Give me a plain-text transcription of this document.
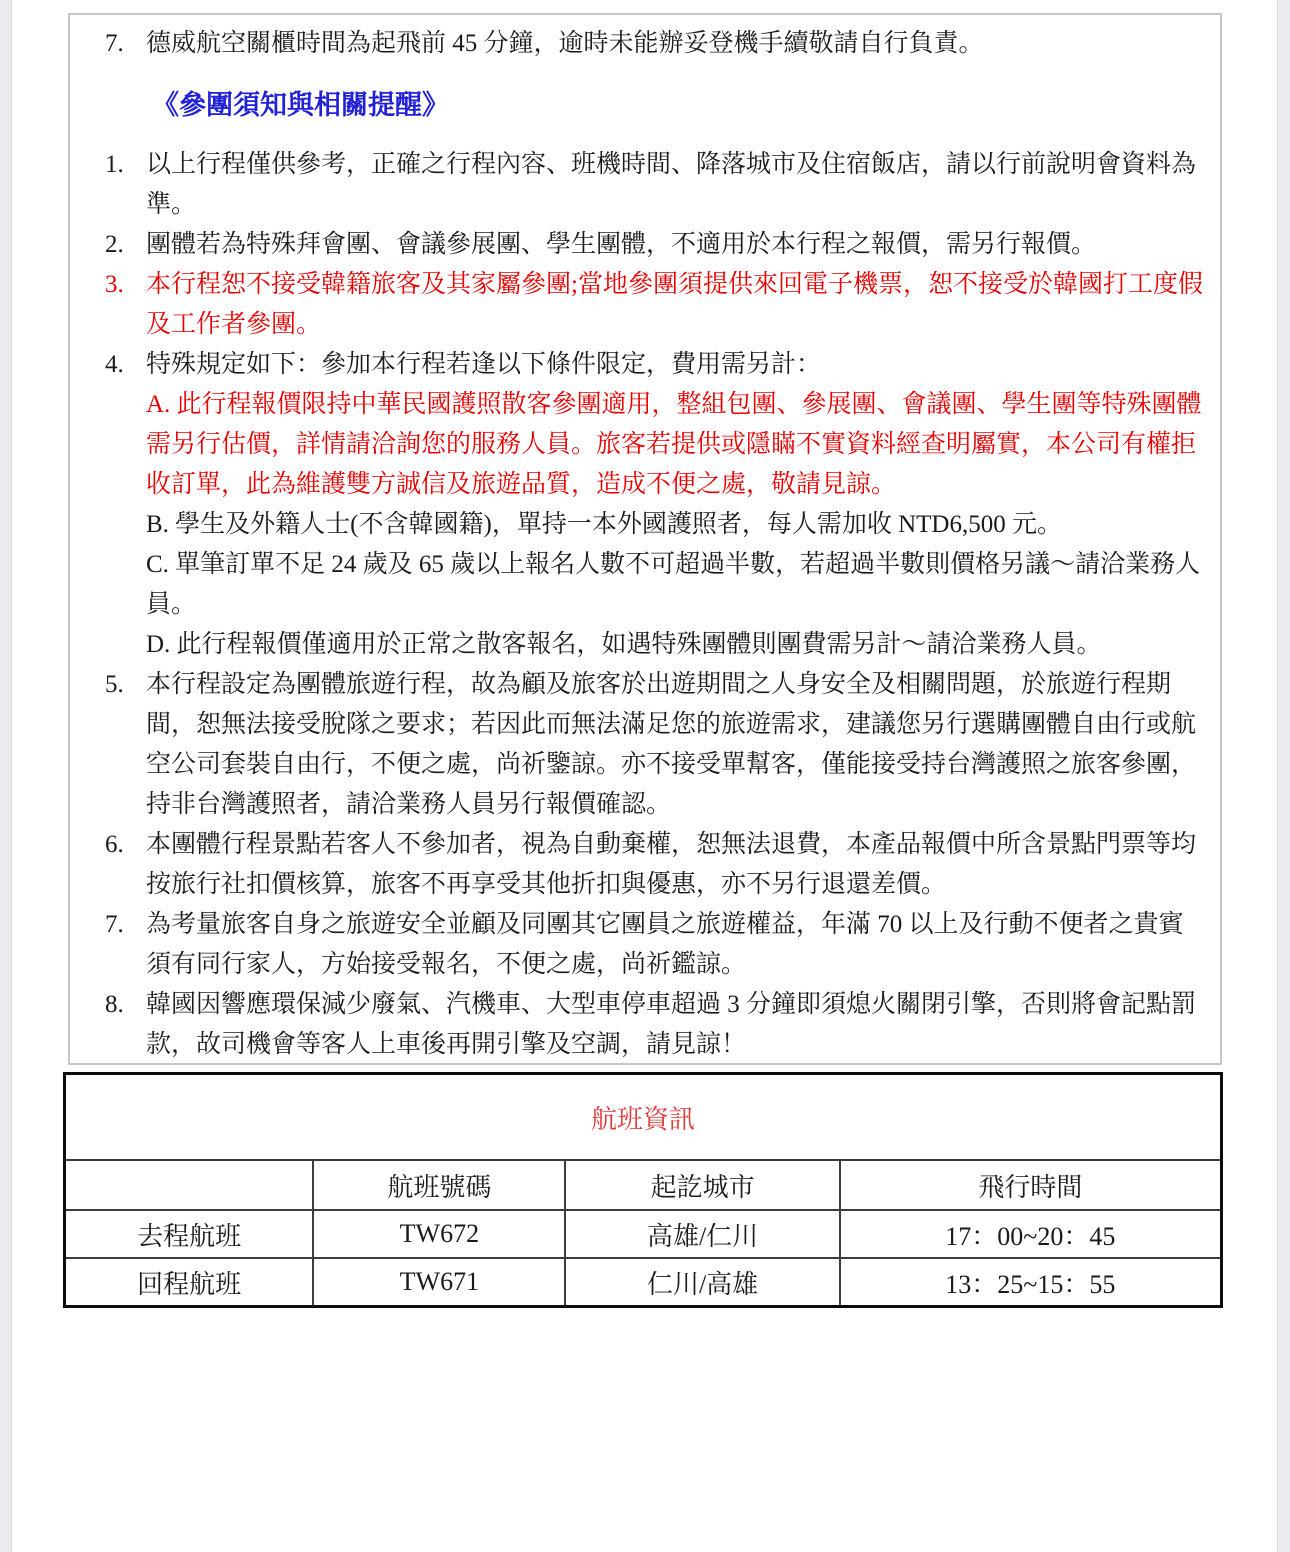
7. 德威航空關櫃時間為起飛前 45 分鐘，逾時未能辦妥登機手續敬請自行負責。
《參團須知與相關提醒》
1. 以上行程僅供參考，正確之行程內容、班機時間、降落城市及住宿飯店，請以行前說明會資料為準。
2. 團體若為特殊拜會團、會議參展團、學生團體，不適用於本行程之報價，需另行報價。
3. 本行程恕不接受韓籍旅客及其家屬參團;當地參團須提供來回電子機票，恕不接受於韓國打工度假及工作者參團。
4. 特殊規定如下：參加本行程若逢以下條件限定，費用需另計：
A. 此行程報價限持中華民國護照散客參團適用，整組包團、參展團、會議團、學生團等特殊團體需另行估價，詳情請洽詢您的服務人員。旅客若提供或隱瞞不實資料經查明屬實，本公司有權拒收訂單，此為維護雙方誠信及旅遊品質，造成不便之處，敬請見諒。
B. 學生及外籍人士(不含韓國籍)，單持一本外國護照者，每人需加收 NTD6,500 元。
C. 單筆訂單不足 24 歲及 65 歲以上報名人數不可超過半數，若超過半數則價格另議～請洽業務人員。
D. 此行程報價僅適用於正常之散客報名，如遇特殊團體則團費需另計～請洽業務人員。
5. 本行程設定為團體旅遊行程，故為顧及旅客於出遊期間之人身安全及相關問題，於旅遊行程期間，恕無法接受脫隊之要求；若因此而無法滿足您的旅遊需求，建議您另行選購團體自由行或航空公司套裝自由行，不便之處，尚祈鑒諒。亦不接受單幫客，僅能接受持台灣護照之旅客參團，持非台灣護照者，請洽業務人員另行報價確認。
6. 本團體行程景點若客人不參加者，視為自動棄權，恕無法退費，本產品報價中所含景點門票等均按旅行社扣價核算，旅客不再享受其他折扣與優惠，亦不另行退還差價。
7. 為考量旅客自身之旅遊安全並顧及同團其它團員之旅遊權益，年滿 70 以上及行動不便者之貴賓須有同行家人，方始接受報名，不便之處，尚祈鑑諒。
8. 韓國因響應環保減少廢氣、汽機車、大型車停車超過 3 分鐘即須熄火關閉引擎，否則將會記點罰款，故司機會等客人上車後再開引擎及空調，請見諒！
航班資訊			
	航班號碼	起訖城市	飛行時間
去程航班	TW672	高雄/仁川	17：00~20：45
回程航班	TW671	仁川/高雄	13：25~15：55
